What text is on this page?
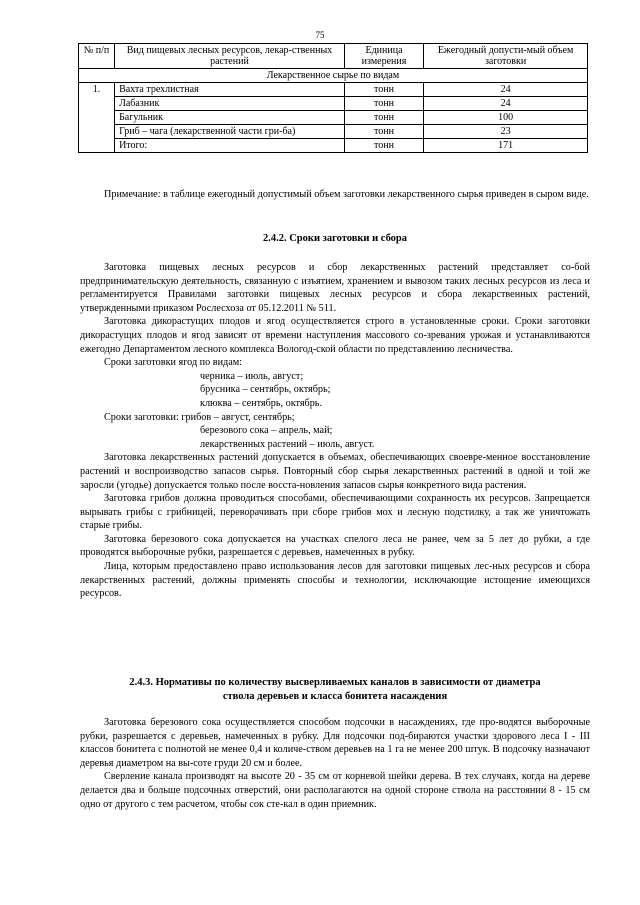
75
№ п/п	Вид пищевых лесных ресурсов, лекар-ственных растений	Единица измерения	Ежегодный допусти-мый объем заготовки
Лекарственное сырье по видам			
1.	Вахта трехлистная	тонн	24
	Лабазник	тонн	24
	Багульник	тонн	100
	Гриб – чага (лекарственной части гри-ба)	тонн	23
	Итого:	тонн	171

Примечание: в таблице ежегодный допустимый объем заготовки лекарственного сырья приведен в сыром виде.

2.4.2. Сроки заготовки и сбора

Заготовка пищевых лесных ресурсов и сбор лекарственных растений представляет со-бой предпринимательскую деятельность, связанную с изъятием, хранением и вывозом таких лесных ресурсов из леса и регламентируется Правилами заготовки пищевых лесных ресурсов и сбора лекарственных растений, утвержденными приказом Рослесхоза от 05.12.2011 № 511.

Заготовка дикорастущих плодов и ягод осуществляется строго в установленные сроки. Сроки заготовки дикорастущих плодов и ягод зависят от времени наступления массового со-зревания урожая и устанавливаются ежегодно Департаментом лесного комплекса Вологод-ской области по представлению лесничества.

Сроки заготовки ягод по видам:

черника – июль, август;

брусника – сентябрь, октябрь;

клюква – сентябрь, октябрь.

Сроки заготовки: грибов – август, сентябрь;

березового сока – апрель, май;

лекарственных растений – июль, август.

Заготовка лекарственных растений допускается в объемах, обеспечивающих своевре-менное восстановление растений и воспроизводство запасов сырья. Повторный сбор сырья лекарственных растений в одной и той же заросли (угодье) допускается только после восста-новления запасов сырья конкретного вида растения.

Заготовка грибов должна проводиться способами, обеспечивающими сохранность их ресурсов. Запрещается вырывать грибы с грибницей, переворачивать при сборе грибов мох и лесную подстилку, а так же уничтожать старые грибы.

Заготовка березового сока допускается на участках спелого леса не ранее, чем за 5 лет до рубки, а где проводятся выборочные рубки, разрешается с деревьев, намеченных в рубку.

Лица, которым предоставлено право использования лесов для заготовки пищевых лес-ных ресурсов и сбора лекарственных растений, должны применять способы и технологии, исключающие истощение имеющихся ресурсов.

2.4.3. Нормативы по количеству высверливаемых каналов в зависимости от диаметра
ствола деревьев и класса бонитета насаждения

Заготовка березового сока осуществляется способом подсочки в насаждениях, где про-водятся выборочные рубки, разрешается с деревьев, намеченных в рубку. Для подсочки под-бираются участки здорового леса I - III классов бонитета с полнотой не менее 0,4 и количе-ством деревьев на 1 га не менее 200 штук. В подсочку назначают деревья диаметром на вы-соте груди 20 см и более.

Сверление канала производят на высоте 20 - 35 см от корневой шейки дерева. В тех случаях, когда на дереве делается два и больше подсочных отверстий, они располагаются на одной стороне ствола на расстоянии 8 - 15 см одно от другого с тем расчетом, чтобы сок сте-кал в один приемник.
